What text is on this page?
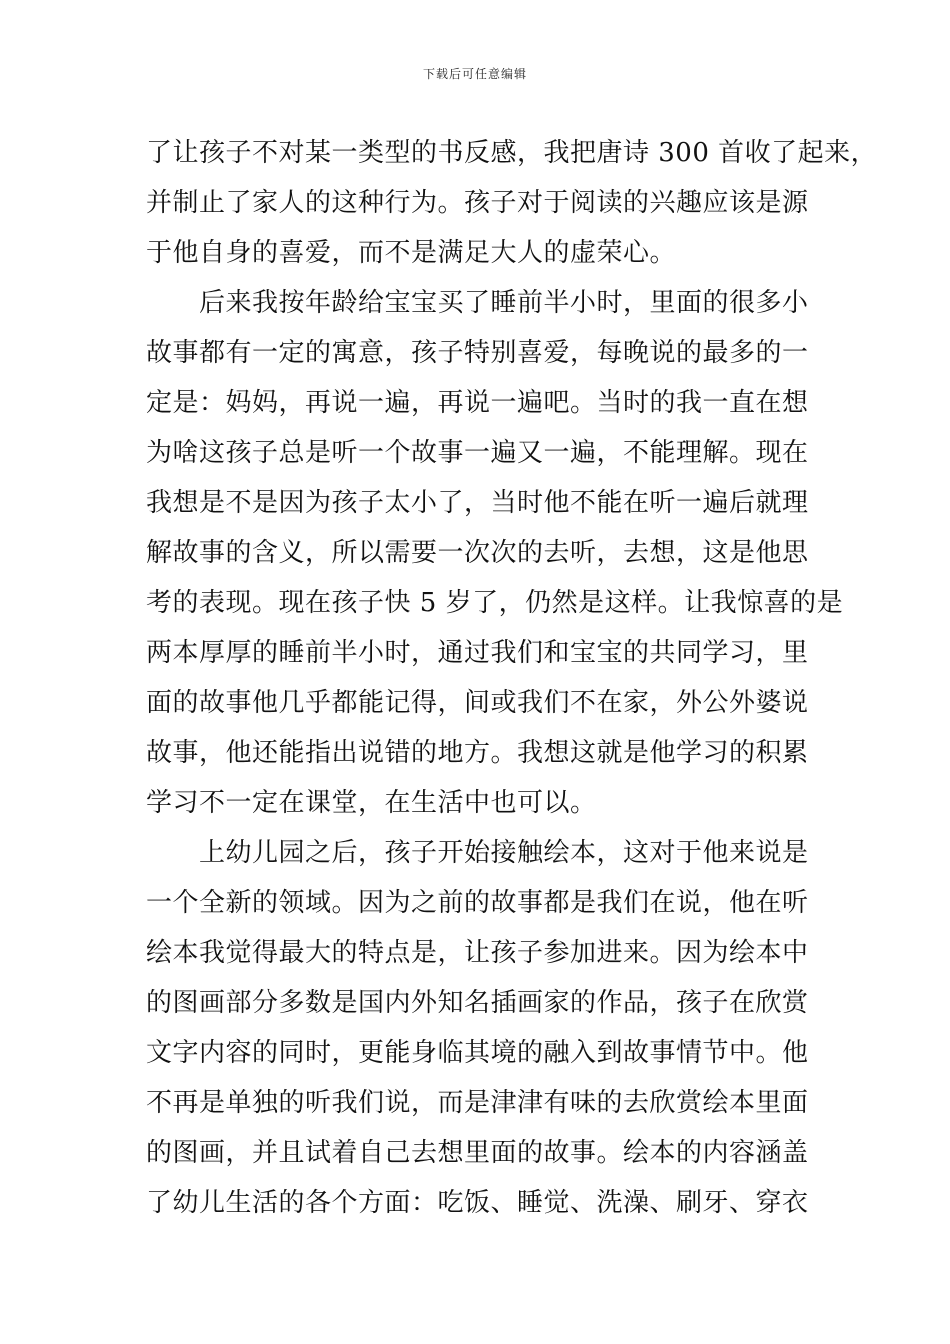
下载后可任意编辑
了让孩子不对某一类型的书反感，我把唐诗 300 首收了起来，
并制止了家人的这种行为。孩子对于阅读的兴趣应该是源
于他自身的喜爱，而不是满足大人的虚荣心。
　　后来我按年龄给宝宝买了睡前半小时，里面的很多小
故事都有一定的寓意，孩子特别喜爱，每晚说的最多的一
定是：妈妈，再说一遍，再说一遍吧。当时的我一直在想
为啥这孩子总是听一个故事一遍又一遍，不能理解。现在
我想是不是因为孩子太小了，当时他不能在听一遍后就理
解故事的含义，所以需要一次次的去听，去想，这是他思
考的表现。现在孩子快 5 岁了，仍然是这样。让我惊喜的是
两本厚厚的睡前半小时，通过我们和宝宝的共同学习，里
面的故事他几乎都能记得，间或我们不在家，外公外婆说
故事，他还能指出说错的地方。我想这就是他学习的积累
学习不一定在课堂，在生活中也可以。
　　上幼儿园之后，孩子开始接触绘本，这对于他来说是
一个全新的领域。因为之前的故事都是我们在说，他在听
绘本我觉得最大的特点是，让孩子参加进来。因为绘本中
的图画部分多数是国内外知名插画家的作品，孩子在欣赏
文字内容的同时，更能身临其境的融入到故事情节中。他
不再是单独的听我们说，而是津津有味的去欣赏绘本里面
的图画，并且试着自己去想里面的故事。绘本的内容涵盖
了幼儿生活的各个方面：吃饭、睡觉、洗澡、刷牙、穿衣
